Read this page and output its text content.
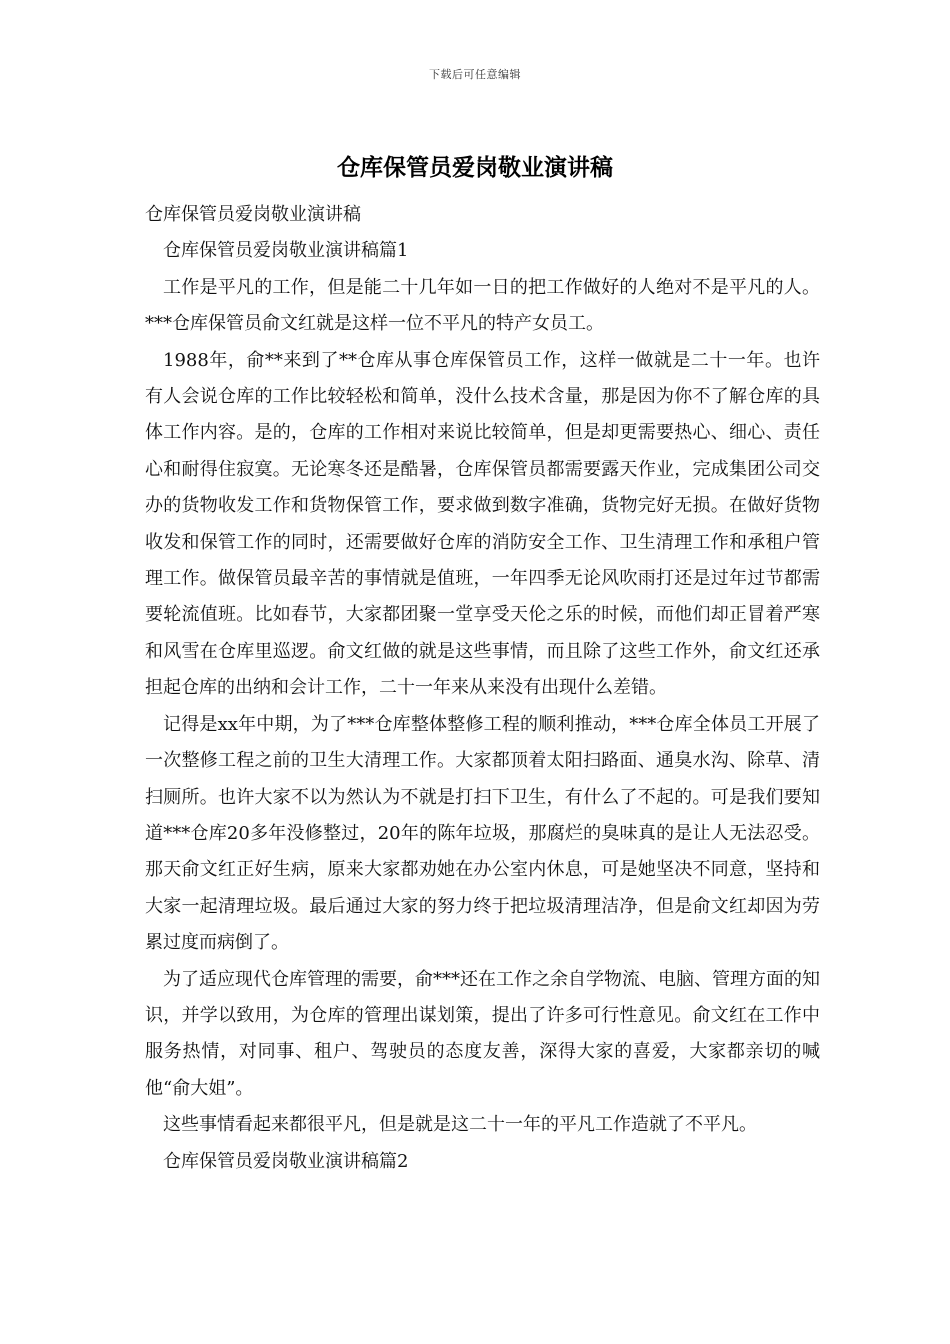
下载后可任意编辑
仓库保管员爱岗敬业演讲稿

仓库保管员爱岗敬业演讲稿

仓库保管员爱岗敬业演讲稿篇1

工作是平凡的工作，但是能二十几年如一日的把工作做好的人绝对不是平凡的人。***仓库保管员俞文红就是这样一位不平凡的特产女员工。

1988年，俞**来到了**仓库从事仓库保管员工作，这样一做就是二十一年。也许有人会说仓库的工作比较轻松和简单，没什么技术含量，那是因为你不了解仓库的具体工作内容。是的，仓库的工作相对来说比较简单，但是却更需要热心、细心、责任心和耐得住寂寞。无论寒冬还是酷暑，仓库保管员都需要露天作业，完成集团公司交办的货物收发工作和货物保管工作，要求做到数字准确，货物完好无损。在做好货物收发和保管工作的同时，还需要做好仓库的消防安全工作、卫生清理工作和承租户管理工作。做保管员最辛苦的事情就是值班，一年四季无论风吹雨打还是过年过节都需要轮流值班。比如春节，大家都团聚一堂享受天伦之乐的时候，而他们却正冒着严寒和风雪在仓库里巡逻。俞文红做的就是这些事情，而且除了这些工作外，俞文红还承担起仓库的出纳和会计工作，二十一年来从来没有出现什么差错。

记得是xx年中期，为了***仓库整体整修工程的顺利推动，***仓库全体员工开展了一次整修工程之前的卫生大清理工作。大家都顶着太阳扫路面、通臭水沟、除草、清扫厕所。也许大家不以为然认为不就是打扫下卫生，有什么了不起的。可是我们要知道***仓库20多年没修整过，20年的陈年垃圾，那腐烂的臭味真的是让人无法忍受。那天俞文红正好生病，原来大家都劝她在办公室内休息，可是她坚决不同意，坚持和大家一起清理垃圾。最后通过大家的努力终于把垃圾清理洁净，但是俞文红却因为劳累过度而病倒了。

为了适应现代仓库管理的需要，俞***还在工作之余自学物流、电脑、管理方面的知识，并学以致用，为仓库的管理出谋划策，提出了许多可行性意见。俞文红在工作中服务热情，对同事、租户、驾驶员的态度友善，深得大家的喜爱，大家都亲切的喊他“俞大姐”。

这些事情看起来都很平凡，但是就是这二十一年的平凡工作造就了不平凡。

仓库保管员爱岗敬业演讲稿篇2
